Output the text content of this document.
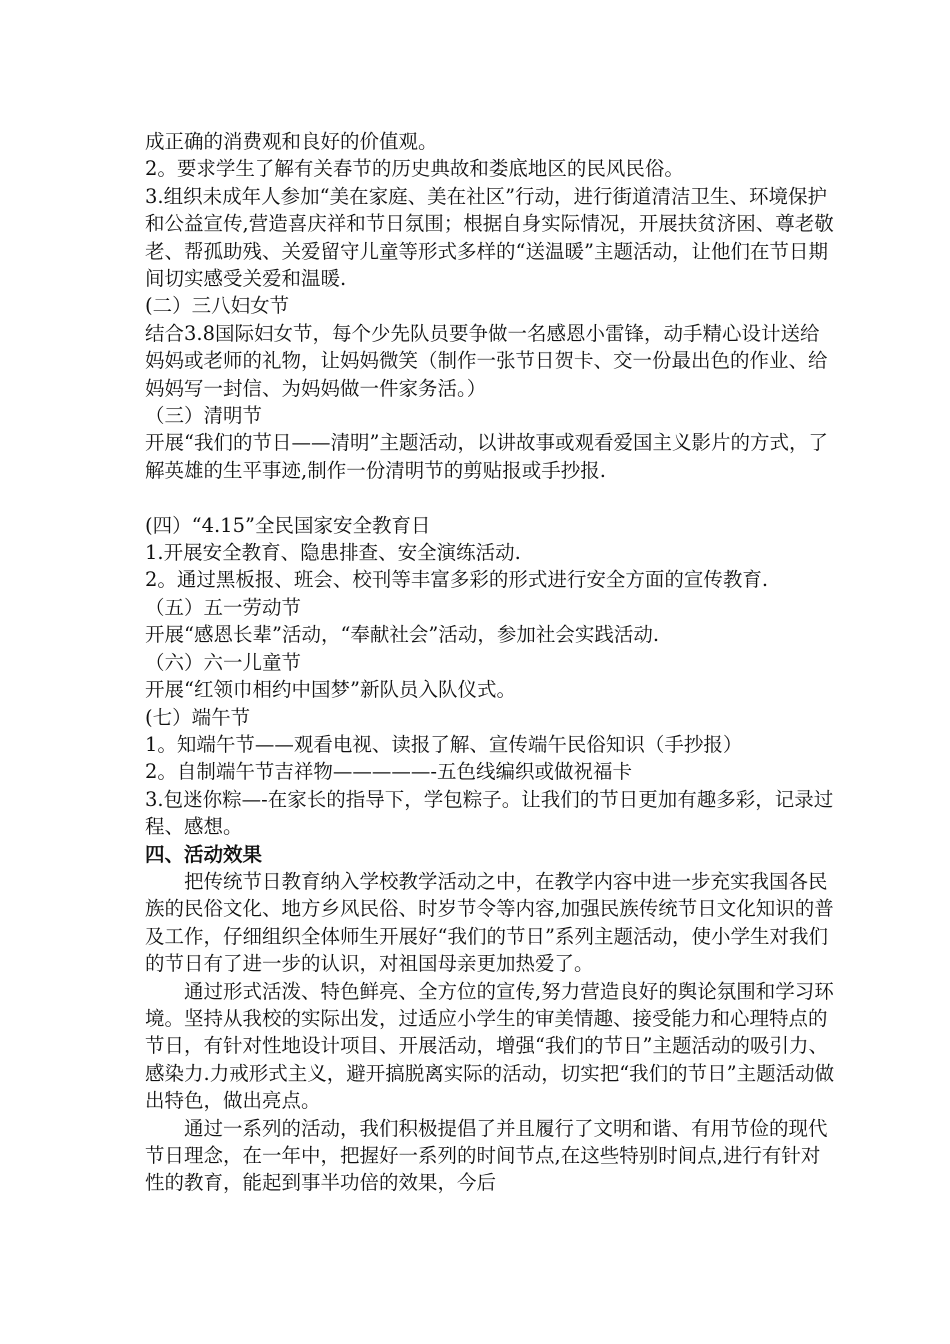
成正确的消费观和良好的价值观。

2。要求学生了解有关春节的历史典故和娄底地区的民风民俗。

3.组织未成年人参加“美在家庭、美在社区”行动，进行街道清洁卫生、环境保护和公益宣传,营造喜庆祥和节日氛围；根据自身实际情况，开展扶贫济困、尊老敬老、帮孤助残、关爱留守儿童等形式多样的“送温暖”主题活动，让他们在节日期间切实感受关爱和温暖.

(二）三八妇女节

结合3.8国际妇女节，每个少先队员要争做一名感恩小雷锋，动手精心设计送给妈妈或老师的礼物，让妈妈微笑（制作一张节日贺卡、交一份最出色的作业、给妈妈写一封信、为妈妈做一件家务活。）

（三）清明节

开展“我们的节日——清明”主题活动，以讲故事或观看爱国主义影片的方式，了解英雄的生平事迹,制作一份清明节的剪贴报或手抄报.

(四）“4.15”全民国家安全教育日

1.开展安全教育、隐患排查、安全演练活动.

2。通过黑板报、班会、校刊等丰富多彩的形式进行安全方面的宣传教育.

（五）五一劳动节

开展“感恩长辈”活动，“奉献社会”活动，参加社会实践活动.

（六）六一儿童节

开展“红领巾相约中国梦”新队员入队仪式。

(七）端午节

1。知端午节——观看电视、读报了解、宣传端午民俗知识（手抄报）

2。自制端午节吉祥物—————-五色线编织或做祝福卡

3.包迷你粽—-在家长的指导下，学包粽子。让我们的节日更加有趣多彩，记录过程、感想。

四、活动效果

把传统节日教育纳入学校教学活动之中，在教学内容中进一步充实我国各民族的民俗文化、地方乡风民俗、时岁节令等内容,加强民族传统节日文化知识的普及工作，仔细组织全体师生开展好“我们的节日”系列主题活动，使小学生对我们的节日有了进一步的认识，对祖国母亲更加热爱了。

通过形式活泼、特色鲜亮、全方位的宣传,努力营造良好的舆论氛围和学习环境。坚持从我校的实际出发，过适应小学生的审美情趣、接受能力和心理特点的节日，有针对性地设计项目、开展活动，增强“我们的节日”主题活动的吸引力、感染力.力戒形式主义，避开搞脱离实际的活动，切实把“我们的节日”主题活动做出特色，做出亮点。

通过一系列的活动，我们积极提倡了并且履行了文明和谐、有用节俭的现代节日理念，在一年中，把握好一系列的时间节点,在这些特别时间点,进行有针对性的教育，能起到事半功倍的效果，今后
